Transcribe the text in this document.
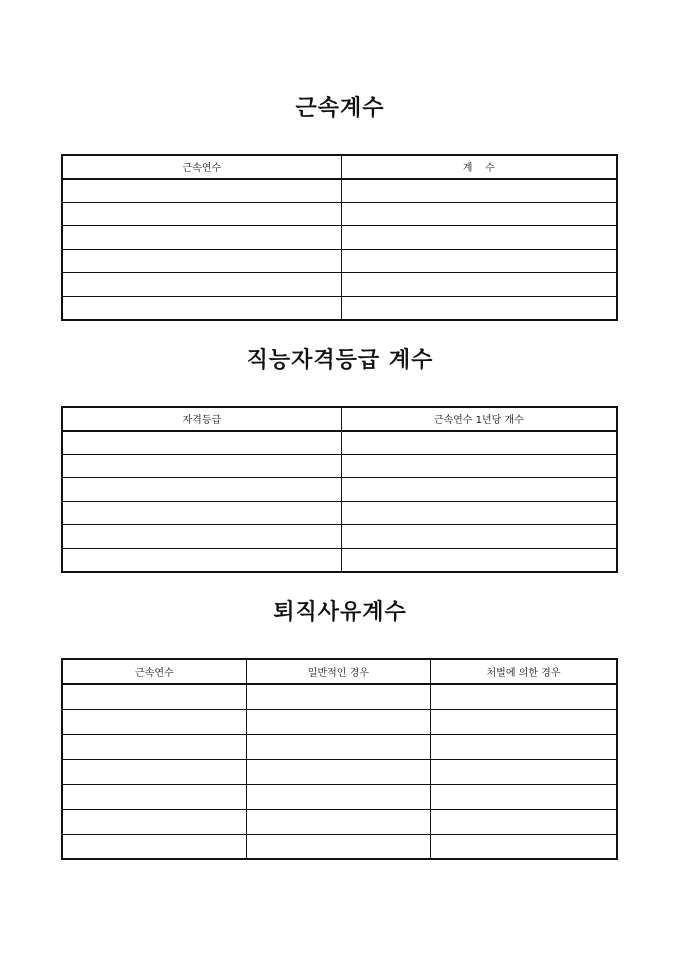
근속계수
근속연수	계    수

직능자격등급 계수
자격등급	근속연수 1년당 개수

퇴직사유계수
근속연수	일반적인 경우	처벌에 의한 경우
